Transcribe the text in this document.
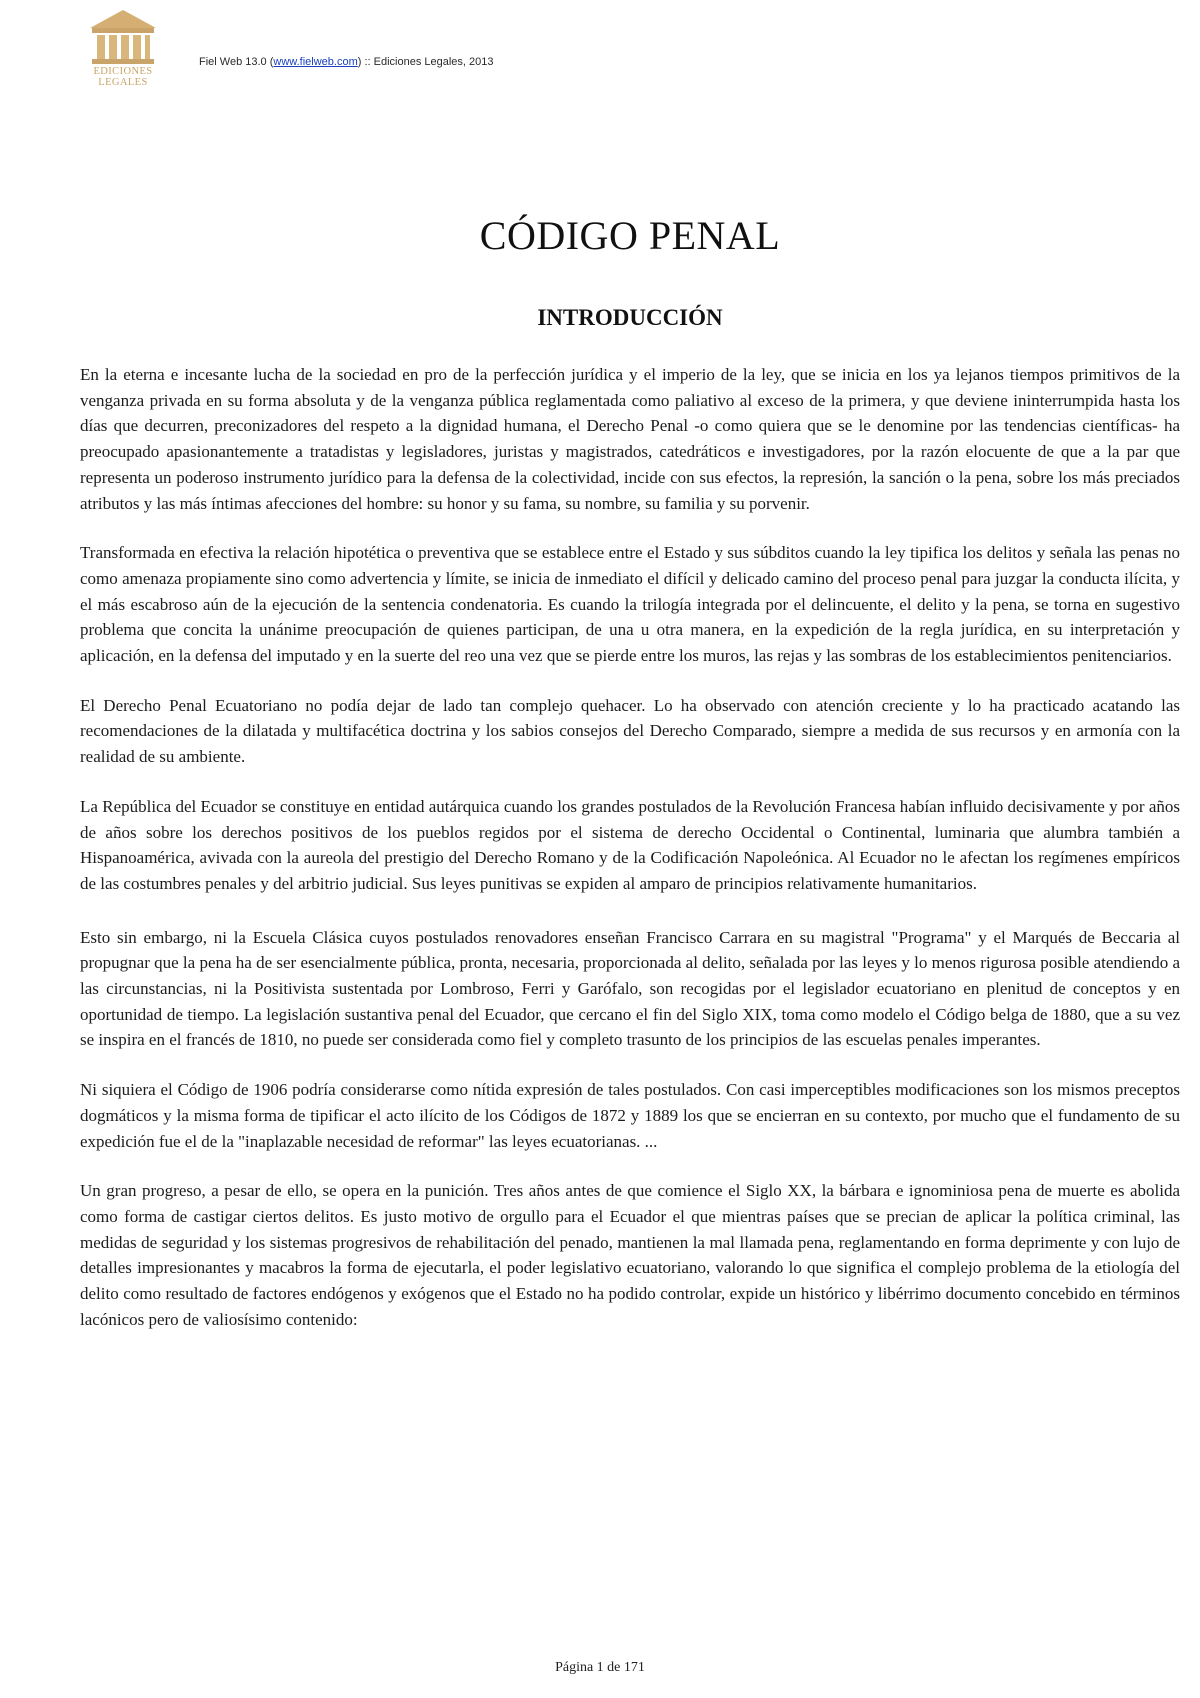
EDICIONES
LEGALES
Fiel Web 13.0 (www.fielweb.com) :: Ediciones Legales, 2013
CÓDIGO PENAL
INTRODUCCIÓN

En la eterna e incesante lucha de la sociedad en pro de la perfección jurídica y el imperio de la ley, que se inicia en los ya lejanos tiempos primitivos de la venganza privada en su forma absoluta y de la venganza pública reglamentada como paliativo al exceso de la primera, y que deviene ininterrumpida hasta los días que decurren, preconizadores del respeto a la dignidad humana, el Derecho Penal -o como quiera que se le denomine por las tendencias científicas- ha preocupado apasionantemente a tratadistas y legisladores, juristas y magistrados, catedráticos e investigadores, por la razón elocuente de que a la par que representa un poderoso instrumento jurídico para la defensa de la colectividad, incide con sus efectos, la represión, la sanción o la pena, sobre los más preciados atributos y las más íntimas afecciones del hombre: su honor y su fama, su nombre, su familia y su porvenir.

Transformada en efectiva la relación hipotética o preventiva que se establece entre el Estado y sus súbditos cuando la ley tipifica los delitos y señala las penas no como amenaza propiamente sino como advertencia y límite, se inicia de inmediato el difícil y delicado camino del proceso penal para juzgar la conducta ilícita, y el más escabroso aún de la ejecución de la sentencia condenatoria. Es cuando la trilogía integrada por el delincuente, el delito y la pena, se torna en sugestivo problema que concita la unánime preocupación de quienes participan, de una u otra manera, en la expedición de la regla jurídica, en su interpretación y aplicación, en la defensa del imputado y en la suerte del reo una vez que se pierde entre los muros, las rejas y las sombras de los establecimientos penitenciarios.

El Derecho Penal Ecuatoriano no podía dejar de lado tan complejo quehacer. Lo ha observado con atención creciente y lo ha practicado acatando las recomendaciones de la dilatada y multifacética doctrina y los sabios consejos del Derecho Comparado, siempre a medida de sus recursos y en armonía con la realidad de su ambiente.

La República del Ecuador se constituye en entidad autárquica cuando los grandes postulados de la Revolución Francesa habían influido decisivamente y por años de años sobre los derechos positivos de los pueblos regidos por el sistema de derecho Occidental o Continental, luminaria que alumbra también a Hispanoamérica, avivada con la aureola del prestigio del Derecho Romano y de la Codificación Napoleónica. Al Ecuador no le afectan los regímenes empíricos de las costumbres penales y del arbitrio judicial. Sus leyes punitivas se expiden al amparo de principios relativamente humanitarios.

Esto sin embargo, ni la Escuela Clásica cuyos postulados renovadores enseñan Francisco Carrara en su magistral "Programa" y el Marqués de Beccaria al propugnar que la pena ha de ser esencialmente pública, pronta, necesaria, proporcionada al delito, señalada por las leyes y lo menos rigurosa posible atendiendo a las circunstancias, ni la Positivista sustentada por Lombroso, Ferri y Garófalo, son recogidas por el legislador ecuatoriano en plenitud de conceptos y en oportunidad de tiempo. La legislación sustantiva penal del Ecuador, que cercano el fin del Siglo XIX, toma como modelo el Código belga de 1880, que a su vez se inspira en el francés de 1810, no puede ser considerada como fiel y completo trasunto de los principios de las escuelas penales imperantes.

Ni siquiera el Código de 1906 podría considerarse como nítida expresión de tales postulados. Con casi imperceptibles modificaciones son los mismos preceptos dogmáticos y la misma forma de tipificar el acto ilícito de los Códigos de 1872 y 1889 los que se encierran en su contexto, por mucho que el fundamento de su expedición fue el de la "inaplazable necesidad de reformar" las leyes ecuatorianas. ...

Un gran progreso, a pesar de ello, se opera en la punición. Tres años antes de que comience el Siglo XX, la bárbara e ignominiosa pena de muerte es abolida como forma de castigar ciertos delitos. Es justo motivo de orgullo para el Ecuador el que mientras países que se precian de aplicar la política criminal, las medidas de seguridad y los sistemas progresivos de rehabilitación del penado, mantienen la mal llamada pena, reglamentando en forma deprimente y con lujo de detalles impresionantes y macabros la forma de ejecutarla, el poder legislativo ecuatoriano, valorando lo que significa el complejo problema de la etiología del delito como resultado de factores endógenos y exógenos que el Estado no ha podido controlar, expide un histórico y libérrimo documento concebido en términos lacónicos pero de valiosísimo contenido:

Página 1 de 171
